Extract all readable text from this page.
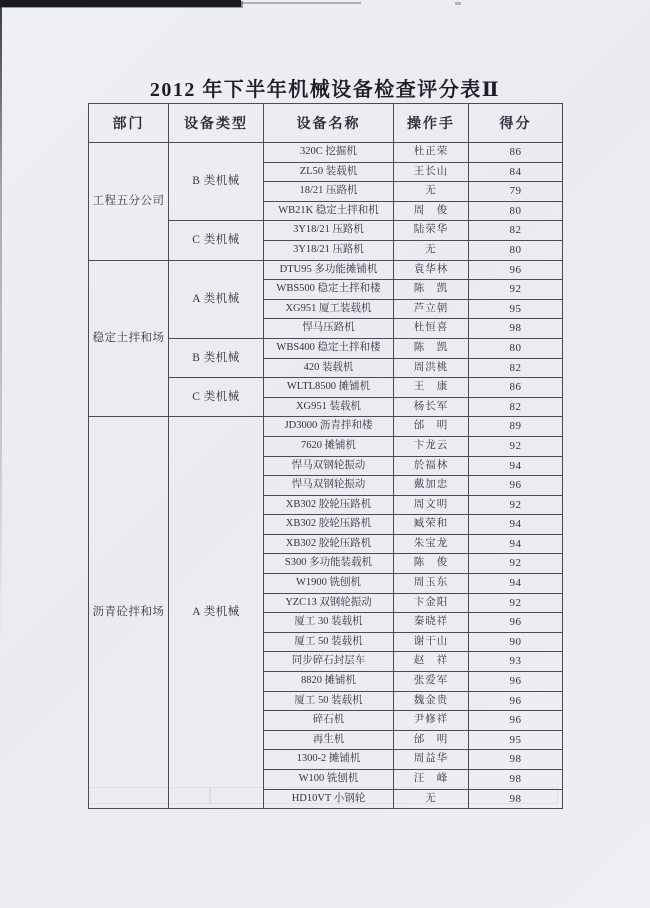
2012 年下半年机械设备检查评分表Ⅱ
部门	设备类型	设备名称	操作手	得分
工程五分公司	B 类机械	320C 挖掘机	杜正荣	86
		ZL50 装载机	王长山	84
		18/21 压路机	无	79
		WB21K 稳定土拌和机	周　俊	80
	C 类机械	3Y18/21 压路机	陆荣华	82
		3Y18/21 压路机	无	80
稳定土拌和场	A 类机械	DTU95 多功能摊铺机	袁华林	96
		WBS500 稳定土拌和楼	陈　凯	92
		XG951 厦工装载机	芦立朝	95
		悍马压路机	杜恒喜	98
	B 类机械	WBS400 稳定土拌和楼	陈　凯	80
		420 装载机	周洪桃	82
	C 类机械	WLTL8500 摊铺机	王　康	86
		XG951 装载机	杨长军	82
沥青砼拌和场	A 类机械	JD3000 沥青拌和楼	邰　明	89
		7620 摊铺机	卞龙云	92
		悍马双钢轮振动	於福林	94
		悍马双钢轮振动	戴加忠	96
		XB302 胶轮压路机	周文明	92
		XB302 胶轮压路机	臧荣和	94
		XB302 胶轮压路机	朱宝龙	94
		S300 多功能装载机	陈　俊	92
		W1900 铣刨机	周玉东	94
		YZC13 双钢轮振动	卞金阳	92
		厦工 30 装载机	秦晓祥	96
		厦工 50 装载机	谢干山	90
		同步碎石封层车	赵　祥	93
		8820 摊铺机	张爱军	96
		厦工 50 装载机	魏金贵	96
		碎石机	尹修祥	96
		再生机	邰　明	95
		1300-2 摊铺机	周益华	98
		W100 铣刨机	汪　峰	98
		HD10VT 小钢轮	无	98
